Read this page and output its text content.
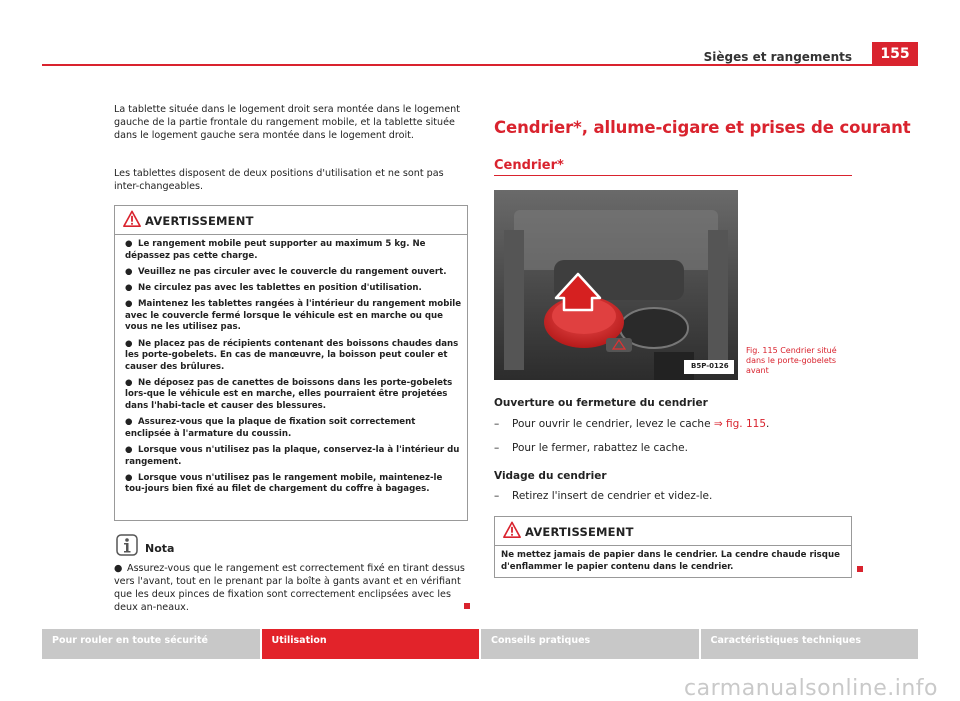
Sièges et rangements	155
La tablette située dans le logement droit sera montée dans le logement gauche de la partie frontale du rangement mobile, et la tablette située dans le logement gauche sera montée dans le logement droit.
Les tablettes disposent de deux positions d'utilisation et ne sont pas inter-changeables.
AVERTISSEMENT
● Le rangement mobile peut supporter au maximum 5 kg. Ne dépassez pas cette charge.
● Veuillez ne pas circuler avec le couvercle du rangement ouvert.
● Ne circulez pas avec les tablettes en position d'utilisation.
● Maintenez les tablettes rangées à l'intérieur du rangement mobile avec le couvercle fermé lorsque le véhicule est en marche ou que vous ne les utilisez pas.
● Ne placez pas de récipients contenant des boissons chaudes dans les porte-gobelets. En cas de manœuvre, la boisson peut couler et causer des brûlures.
● Ne déposez pas de canettes de boissons dans les porte-gobelets lors-que le véhicule est en marche, elles pourraient être projetées dans l'habi-tacle et causer des blessures.
● Assurez-vous que la plaque de fixation soit correctement enclipsée à l'armature du coussin.
● Lorsque vous n'utilisez pas la plaque, conservez-la à l'intérieur du rangement.
● Lorsque vous n'utilisez pas le rangement mobile, maintenez-le tou-jours bien fixé au filet de chargement du coffre à bagages.
Nota
● Assurez-vous que le rangement est correctement fixé en tirant dessus vers l'avant, tout en le prenant par la boîte à gants avant et en vérifiant que les deux pinces de fixation sont correctement enclipsées avec les deux an-neaux.
Cendrier*, allume-cigare et prises de courant
Cendrier*
B5P-0126
Fig. 115 Cendrier situé dans le porte-gobelets avant
Ouverture ou fermeture du cendrier
– Pour ouvrir le cendrier, levez le cache ⇒ fig. 115.
– Pour le fermer, rabattez le cache.
Vidage du cendrier
– Retirez l'insert de cendrier et videz-le.
AVERTISSEMENT
Ne mettez jamais de papier dans le cendrier. La cendre chaude risque d'enflammer le papier contenu dans le cendrier.
Pour rouler en toute sécurité	Utilisation	Conseils pratiques	Caractéristiques techniques
carmanualsonline.info
